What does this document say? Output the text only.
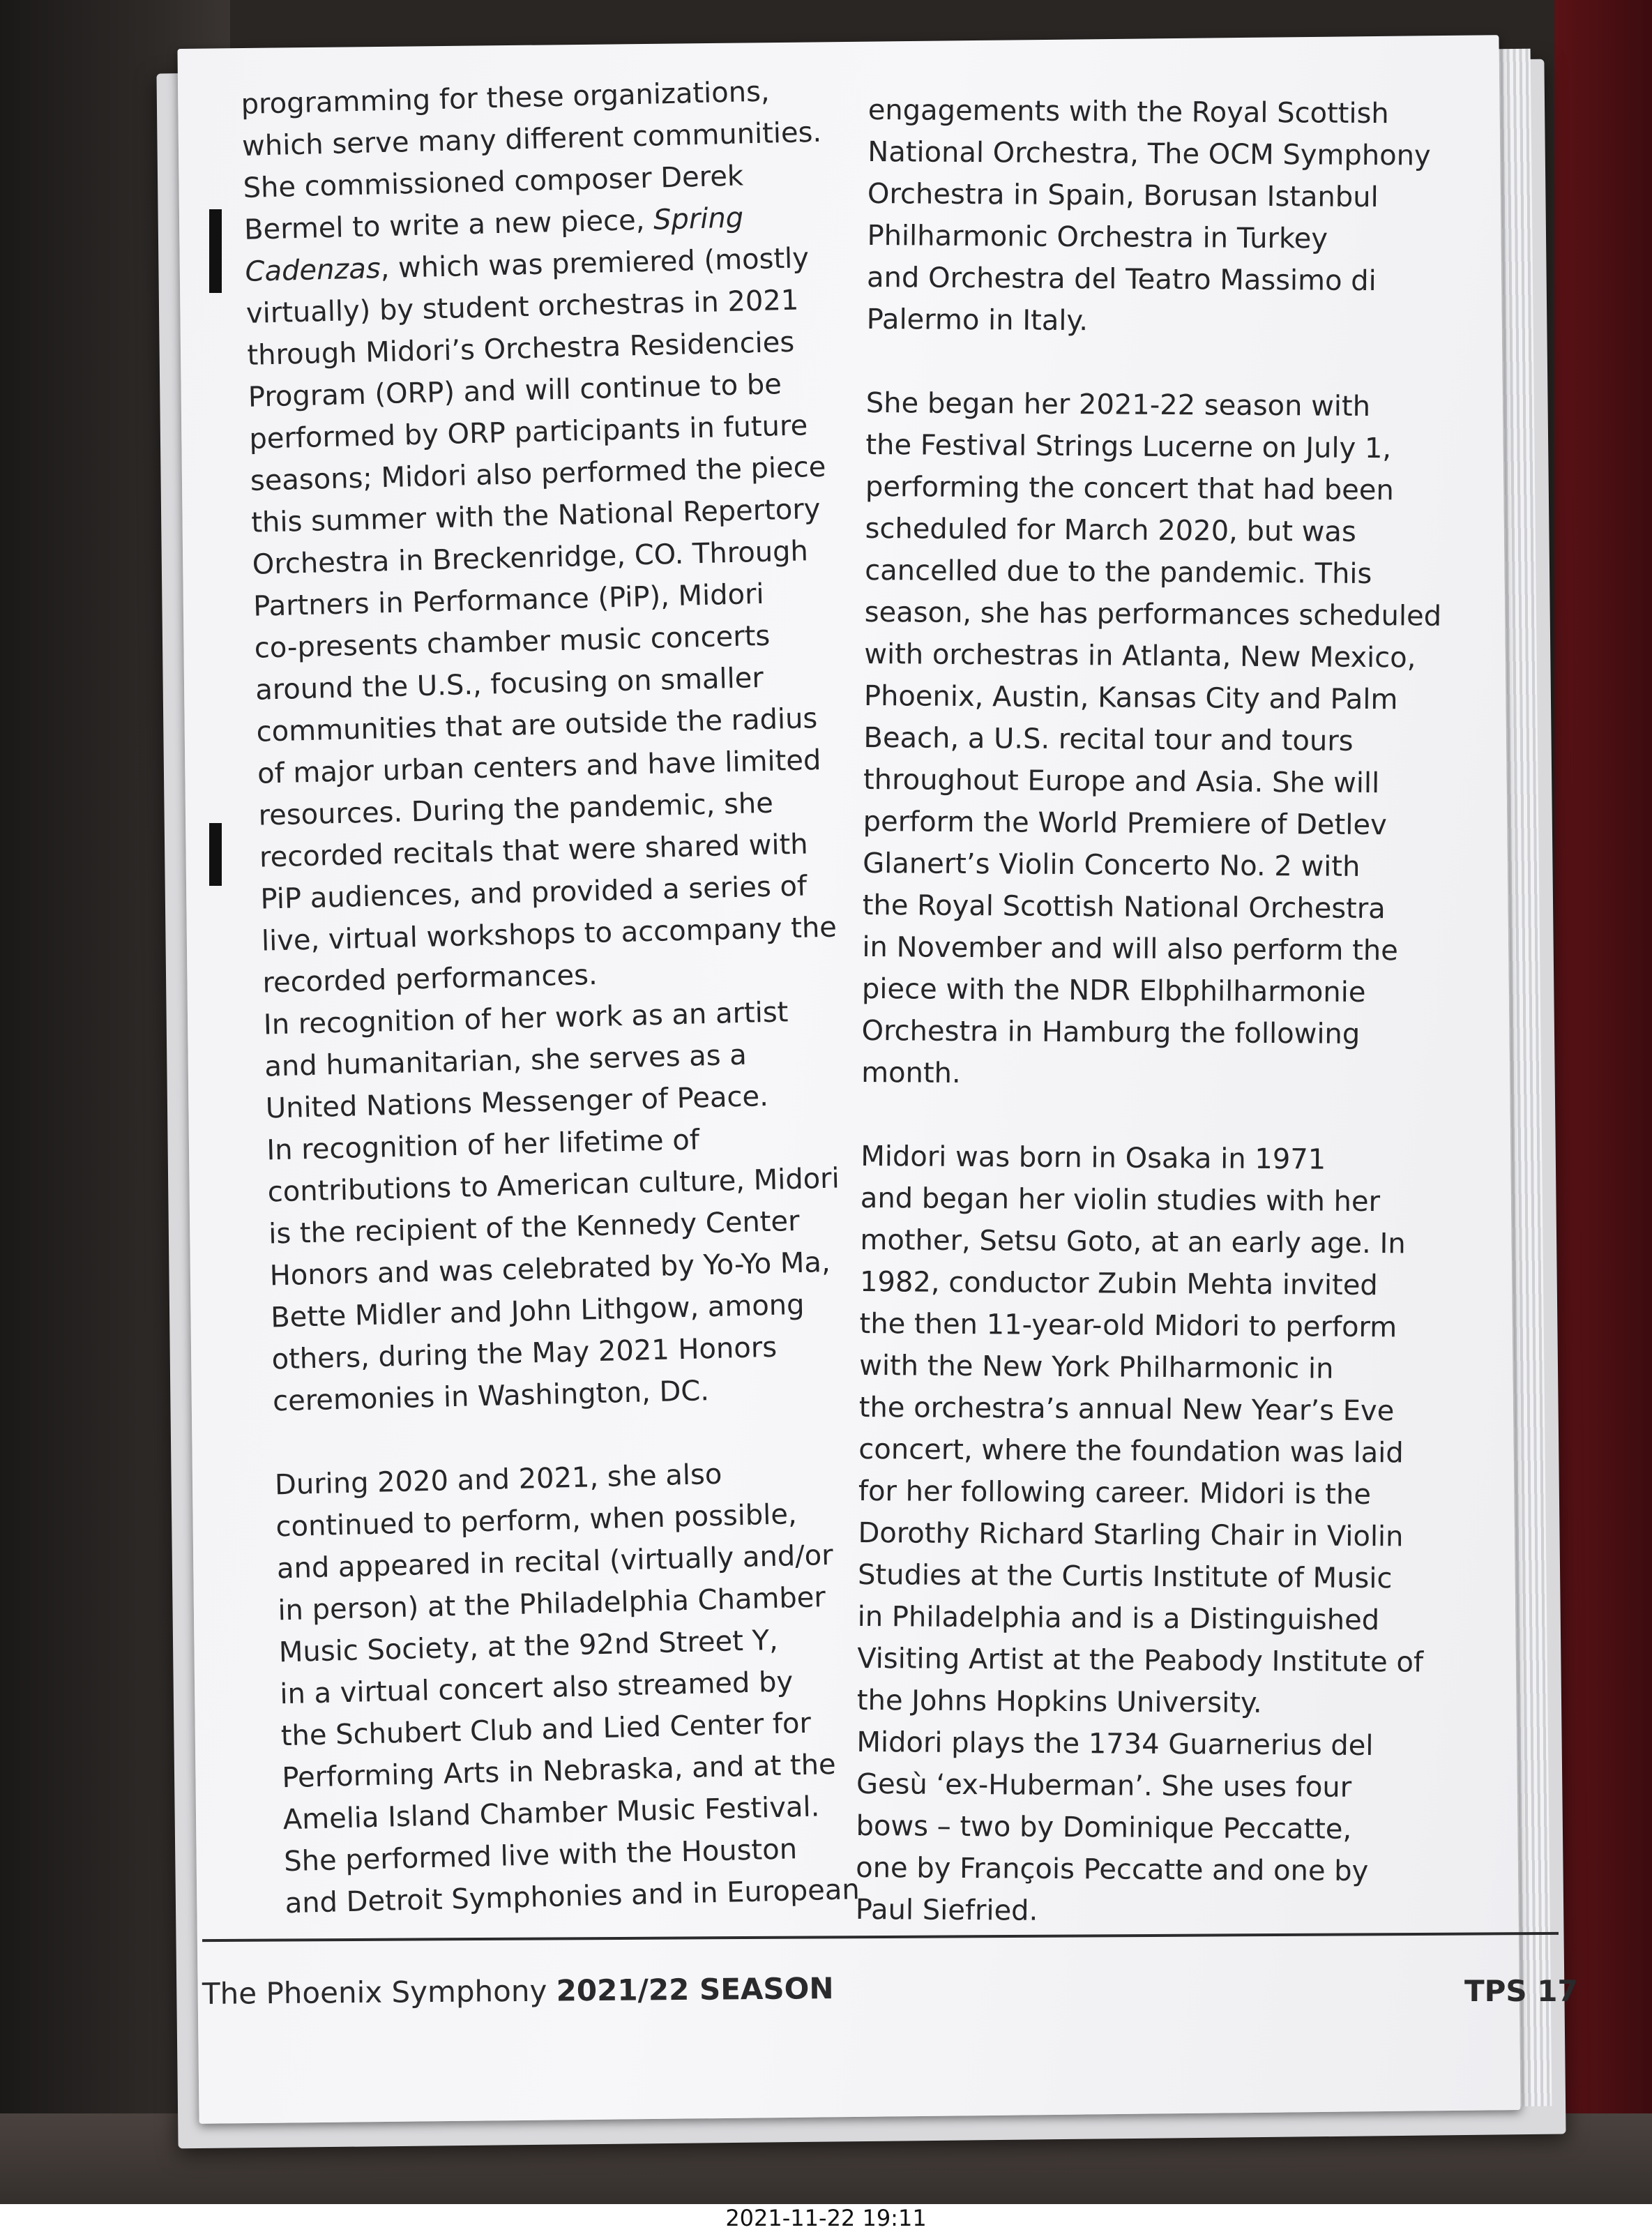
programming for these organizations,
which serve many different communities.
She commissioned composer Derek
Bermel to write a new piece, Spring
Cadenzas, which was premiered (mostly
virtually) by student orchestras in 2021
through Midori’s Orchestra Residencies
Program (ORP) and will continue to be
performed by ORP participants in future
seasons; Midori also performed the piece
this summer with the National Repertory
Orchestra in Breckenridge, CO. Through
Partners in Performance (PiP), Midori
co-presents chamber music concerts
around the U.S., focusing on smaller
communities that are outside the radius
of major urban centers and have limited
resources. During the pandemic, she
recorded recitals that were shared with
PiP audiences, and provided a series of
live, virtual workshops to accompany the
recorded performances.

In recognition of her work as an artist
and humanitarian, she serves as a
United Nations Messenger of Peace.

In recognition of her lifetime of
contributions to American culture, Midori
is the recipient of the Kennedy Center
Honors and was celebrated by Yo-Yo Ma,
Bette Midler and John Lithgow, among
others, during the May 2021 Honors
ceremonies in Washington, DC.

During 2020 and 2021, she also
continued to perform, when possible,
and appeared in recital (virtually and/or
in person) at the Philadelphia Chamber
Music Society, at the 92nd Street Y,
in a virtual concert also streamed by
the Schubert Club and Lied Center for
Performing Arts in Nebraska, and at the
Amelia Island Chamber Music Festival.
She performed live with the Houston
and Detroit Symphonies and in European

engagements with the Royal Scottish
National Orchestra, The OCM Symphony
Orchestra in Spain, Borusan Istanbul
Philharmonic Orchestra in Turkey
and Orchestra del Teatro Massimo di
Palermo in Italy.

She began her 2021-22 season with
the Festival Strings Lucerne on July 1,
performing the concert that had been
scheduled for March 2020, but was
cancelled due to the pandemic. This
season, she has performances scheduled
with orchestras in Atlanta, New Mexico,
Phoenix, Austin, Kansas City and Palm
Beach, a U.S. recital tour and tours
throughout Europe and Asia. She will
perform the World Premiere of Detlev
Glanert’s Violin Concerto No. 2 with
the Royal Scottish National Orchestra
in November and will also perform the
piece with the NDR Elbphilharmonie
Orchestra in Hamburg the following
month.

Midori was born in Osaka in 1971
and began her violin studies with her
mother, Setsu Goto, at an early age. In
1982, conductor Zubin Mehta invited
the then 11-year-old Midori to perform
with the New York Philharmonic in
the orchestra’s annual New Year’s Eve
concert, where the foundation was laid
for her following career. Midori is the
Dorothy Richard Starling Chair in Violin
Studies at the Curtis Institute of Music
in Philadelphia and is a Distinguished
Visiting Artist at the Peabody Institute of
the Johns Hopkins University.

Midori plays the 1734 Guarnerius del
Gesù ‘ex-Huberman’. She uses four
bows – two by Dominique Peccatte,
one by François Peccatte and one by
Paul Siefried.

The Phoenix Symphony 2021/22 SEASON	TPS 17
2021-11-22 19:11
